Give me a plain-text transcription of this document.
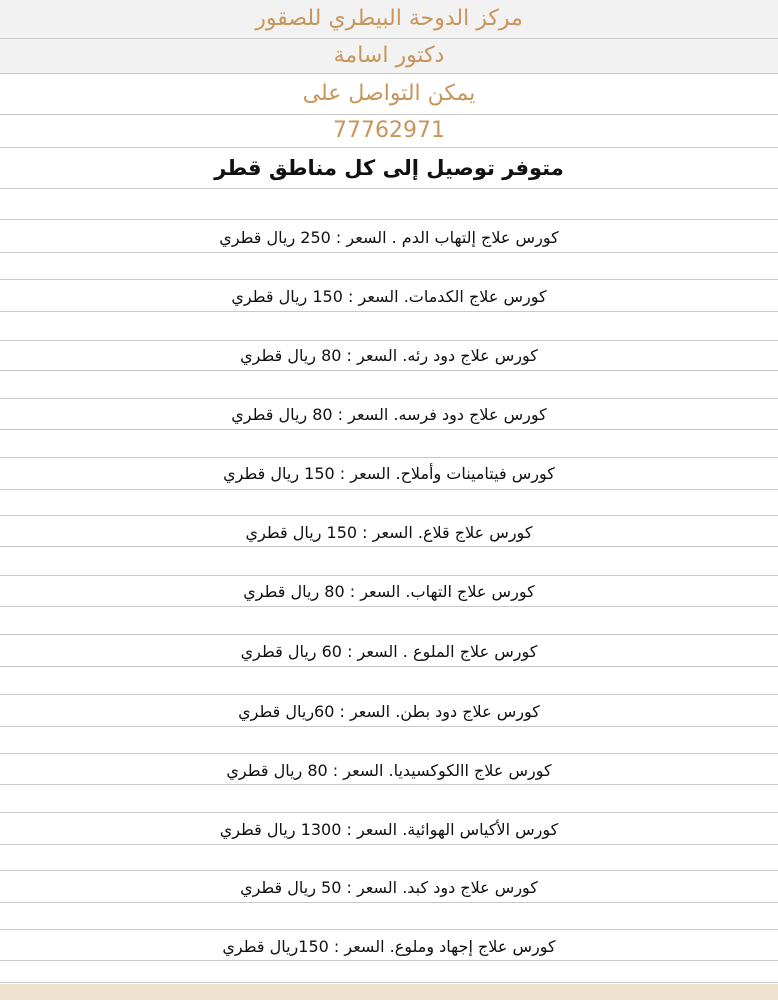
مركز الدوحة البيطري للصقور
دكتور اسامة
يمكن التواصل على
77762971
متوفر توصيل إلى كل مناطق قطر
كورس علاج إلتهاب الدم . السعر : 250 ريال قطري
كورس علاج الكدمات. السعر : 150 ريال قطري
كورس علاج دود رئه. السعر : 80 ريال قطري
كورس علاج دود فرسه. السعر : 80 ريال قطري
كورس فيتامينات وأملاح. السعر : 150 ريال قطري
كورس علاج قلاع. السعر : 150 ريال قطري
كورس علاج التهاب. السعر : 80 ريال قطري
كورس علاج الملوع . السعر : 60 ريال قطري
كورس علاج دود بطن. السعر : 60ريال قطري
كورس علاج االكوكسيديا. السعر : 80 ريال قطري
كورس الأكياس الهوائية. السعر : 1300 ريال قطري
كورس علاج دود كبد. السعر : 50 ريال قطري
كورس علاج إجهاد وملوع. السعر : 150ريال قطري
